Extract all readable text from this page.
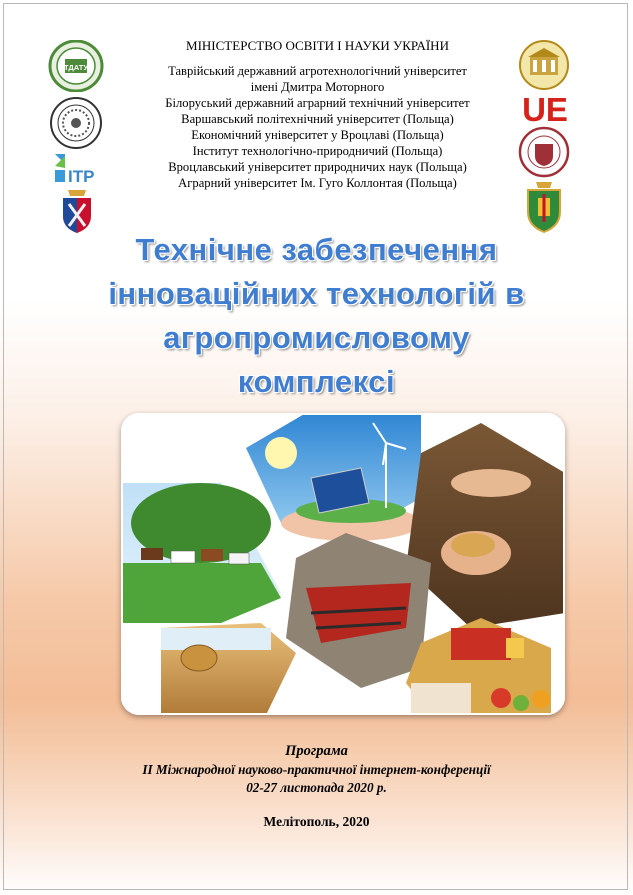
МІНІСТЕРСТВО ОСВІТИ І НАУКИ УКРАЇНИ
Таврійський державний агротехнологічний університет
імені Дмитра Моторного
Білоруський державний аграрний технічний університет
Варшавський політехнічний університет (Польща)
Економічний університет у Вроцлаві (Польща)
Інститут технологічно-природничий (Польща)
Вроцлавський університет природничих наук (Польща)
Аграрний університет Ім. Гуго Коллонтая (Польща)
ТДАТУ
ITP
UE
Технічне забезпечення
інноваційних технологій в
агропромисловому
комплексі
Програма
ІІ Міжнародної науково-практичної інтернет-конференції
02-27 листопада 2020 р.
Мелітополь, 2020
